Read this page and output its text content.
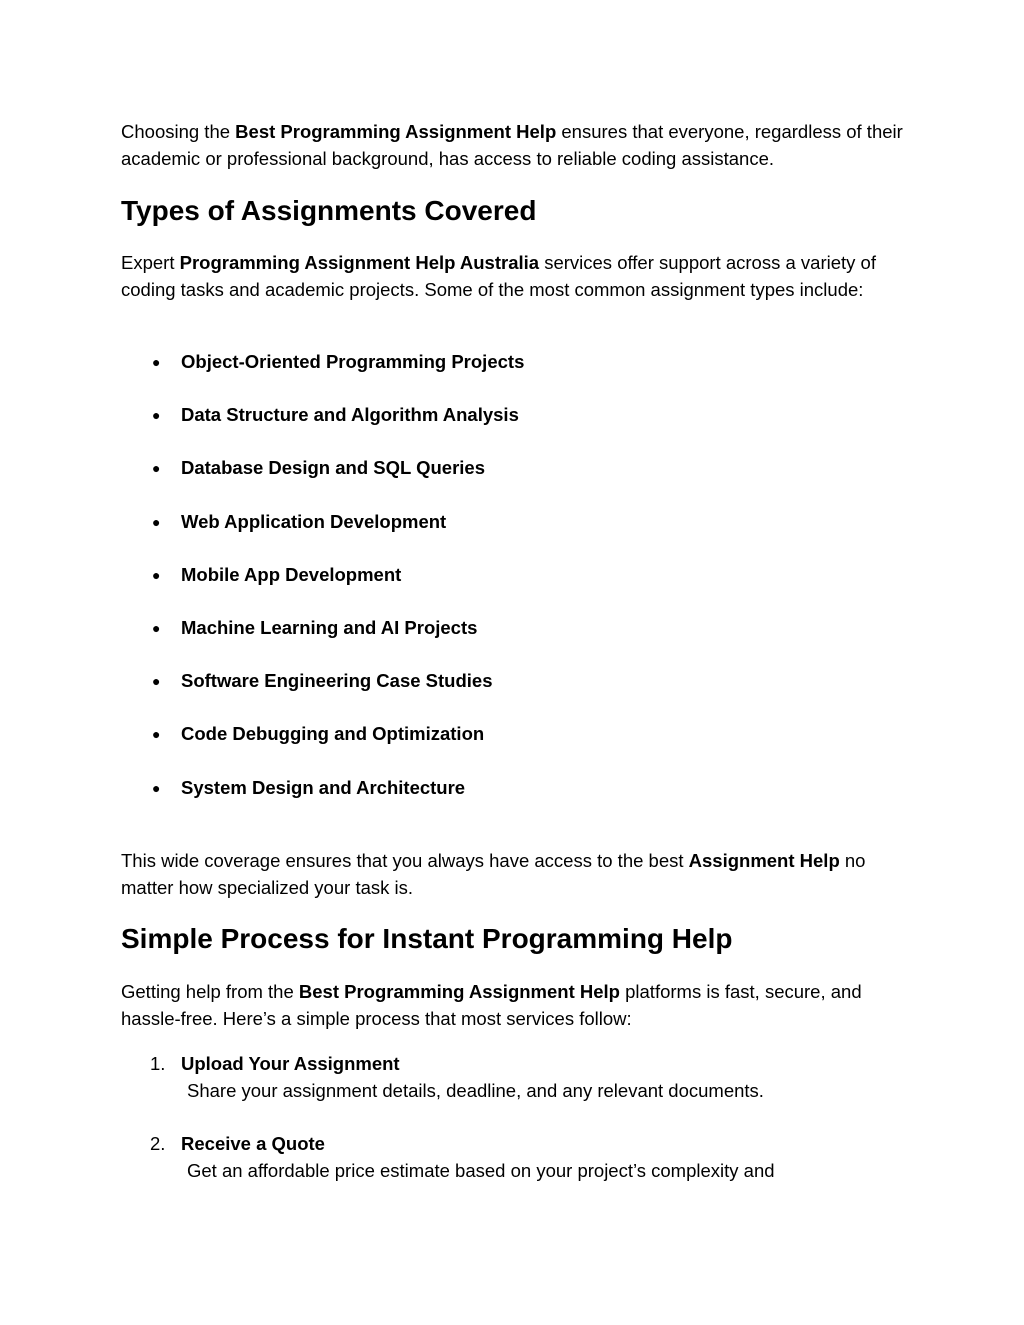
Choosing the Best Programming Assignment Help ensures that everyone, regardless of their academic or professional background, has access to reliable coding assistance.

Types of Assignments Covered

Expert Programming Assignment Help Australia services offer support across a variety of coding tasks and academic projects. Some of the most common assignment types include:

● Object-Oriented Programming Projects
● Data Structure and Algorithm Analysis
● Database Design and SQL Queries
● Web Application Development
● Mobile App Development
● Machine Learning and AI Projects
● Software Engineering Case Studies
● Code Debugging and Optimization
● System Design and Architecture

This wide coverage ensures that you always have access to the best Assignment Help no matter how specialized your task is.

Simple Process for Instant Programming Help

Getting help from the Best Programming Assignment Help platforms is fast, secure, and hassle-free. Here’s a simple process that most services follow:

1. Upload Your Assignment
Share your assignment details, deadline, and any relevant documents.
2. Receive a Quote
Get an affordable price estimate based on your project’s complexity and
